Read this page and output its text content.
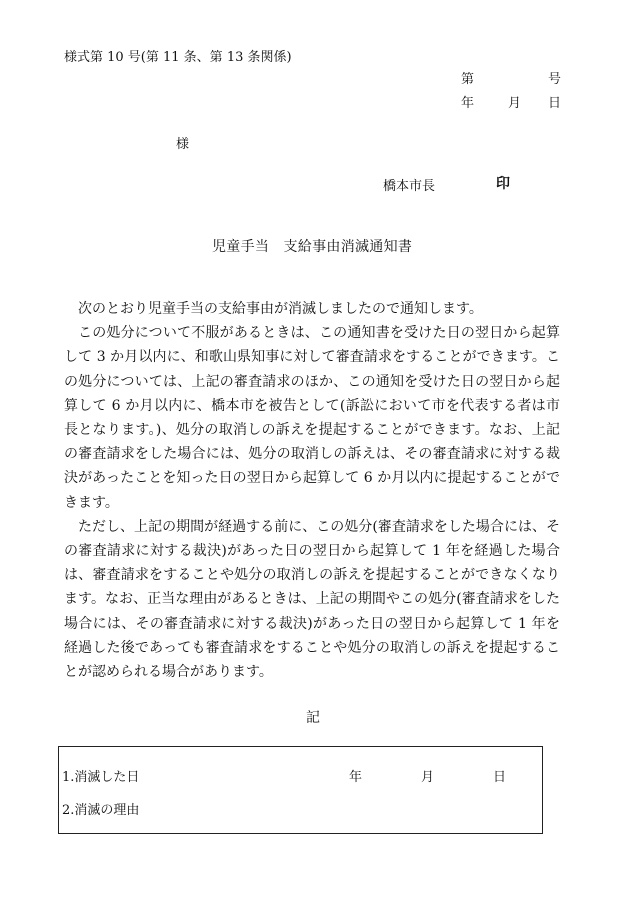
様式第 10 号(第 11 条、第 13 条関係)
第	号
年	月 日
様
橋本市長	印
児童手当　支給事由消滅通知書

次のとおり児童手当の支給事由が消滅しましたので通知します。

この処分について不服があるときは、この通知書を受けた日の翌日から起算して 3 か月以内に、和歌山県知事に対して審査請求をすることができます。この処分については、上記の審査請求のほか、この通知を受けた日の翌日から起算して 6 か月以内に、橋本市を被告として(訴訟において市を代表する者は市長となります。)、処分の取消しの訴えを提起することができます。なお、上記の審査請求をした場合には、処分の取消しの訴えは、その審査請求に対する裁決があったことを知った日の翌日から起算して 6 か月以内に提起することができます。

ただし、上記の期間が経過する前に、この処分(審査請求をした場合には、その審査請求に対する裁決)があった日の翌日から起算して 1 年を経過した場合は、審査請求をすることや処分の取消しの訴えを提起することができなくなります。なお、正当な理由があるときは、上記の期間やこの処分(審査請求をした場合には、その審査請求に対する裁決)があった日の翌日から起算して 1 年を経過した後であっても審査請求をすることや処分の取消しの訴えを提起することが認められる場合があります。

記
1.消滅した日	年	月	日
2.消滅の理由
